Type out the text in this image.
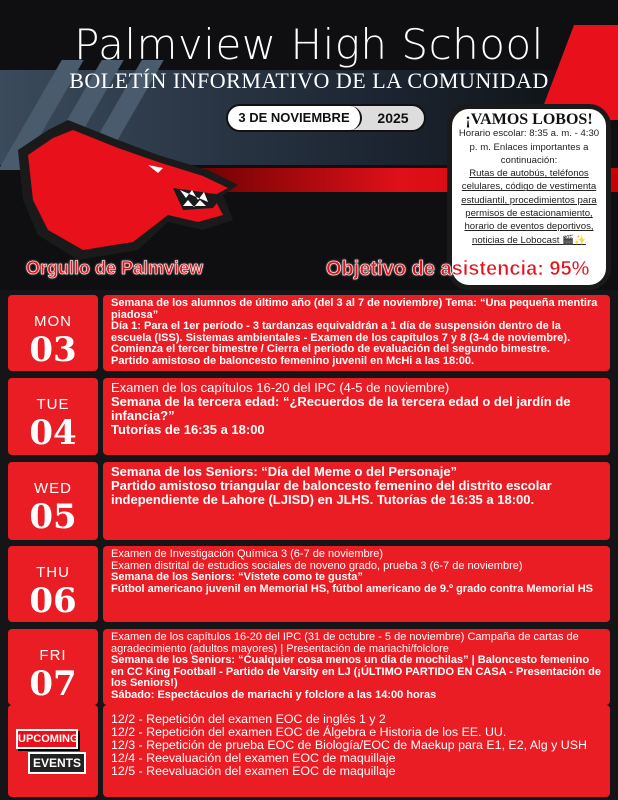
Palmview High School
BOLETÍN INFORMATIVO DE LA COMUNIDAD
3 DE NOVIEMBRE	2025	¡VAMOS LOBOS!
Horario escolar: 8:35 a. m. - 4:30 p. m. Enlaces importantes a continuación:
Rutas de autobús, teléfonos celulares, código de vestimenta estudiantil, procedimientos para permisos de estacionamiento, horario de eventos deportivos, noticias de Lobocast 🎬✨
Orgullo de Palmview	Objetivo de asistencia: 95%
MON
03
Semana de los alumnos de último año (del 3 al 7 de noviembre) Tema: “Una pequeña mentira piadosa”
Día 1: Para el 1er período - 3 tardanzas equivaldrán a 1 día de suspensión dentro de la escuela (ISS). Sistemas ambientales - Examen de los capítulos 7 y 8 (3-4 de noviembre). Comienza el tercer bimestre / Cierra el periodo de evaluación del segundo bimestre.
Partido amistoso de baloncesto femenino juvenil en McHi a las 18:00.
TUE
04
Examen de los capítulos 16-20 del IPC (4-5 de noviembre)
Semana de la tercera edad: “¿Recuerdos de la tercera edad o del jardín de infancia?”
Tutorías de 16:35 a 18:00
WED
05
Semana de los Seniors: “Día del Meme o del Personaje”
Partido amistoso triangular de baloncesto femenino del distrito escolar independiente de Lahore (LJISD) en JLHS. Tutorías de 16:35 a 18:00.
THU
06
Examen de Investigación Química 3 (6-7 de noviembre)
Examen distrital de estudios sociales de noveno grado, prueba 3 (6-7 de noviembre)
Semana de los Seniors: “Vístete como te gusta”
Fútbol americano juvenil en Memorial HS, fútbol americano de 9.º grado contra Memorial HS
FRI
07
Examen de los capítulos 16-20 del IPC (31 de octubre - 5 de noviembre) Campaña de cartas de agradecimiento (adultos mayores) | Presentación de mariachi/folclore
Semana de los Seniors: “Cualquier cosa menos un día de mochilas” | Baloncesto femenino en CC King Football - Partido de Varsity en LJ (¡ÚLTIMO PARTIDO EN CASA - Presentación de los Seniors!)
Sábado: Espectáculos de mariachi y folclore a las 14:00 horas
UPCOMING
EVENTS
12/2 - Repetición del examen EOC de inglés 1 y 2
12/2 - Repetición del examen EOC de Álgebra e Historia de los EE. UU.
12/3 - Repetición de prueba EOC de Biología/EOC de Maekup para E1, E2, Alg y USH
12/4 - Reevaluación del examen EOC de maquillaje
12/5 - Reevaluación del examen EOC de maquillaje
